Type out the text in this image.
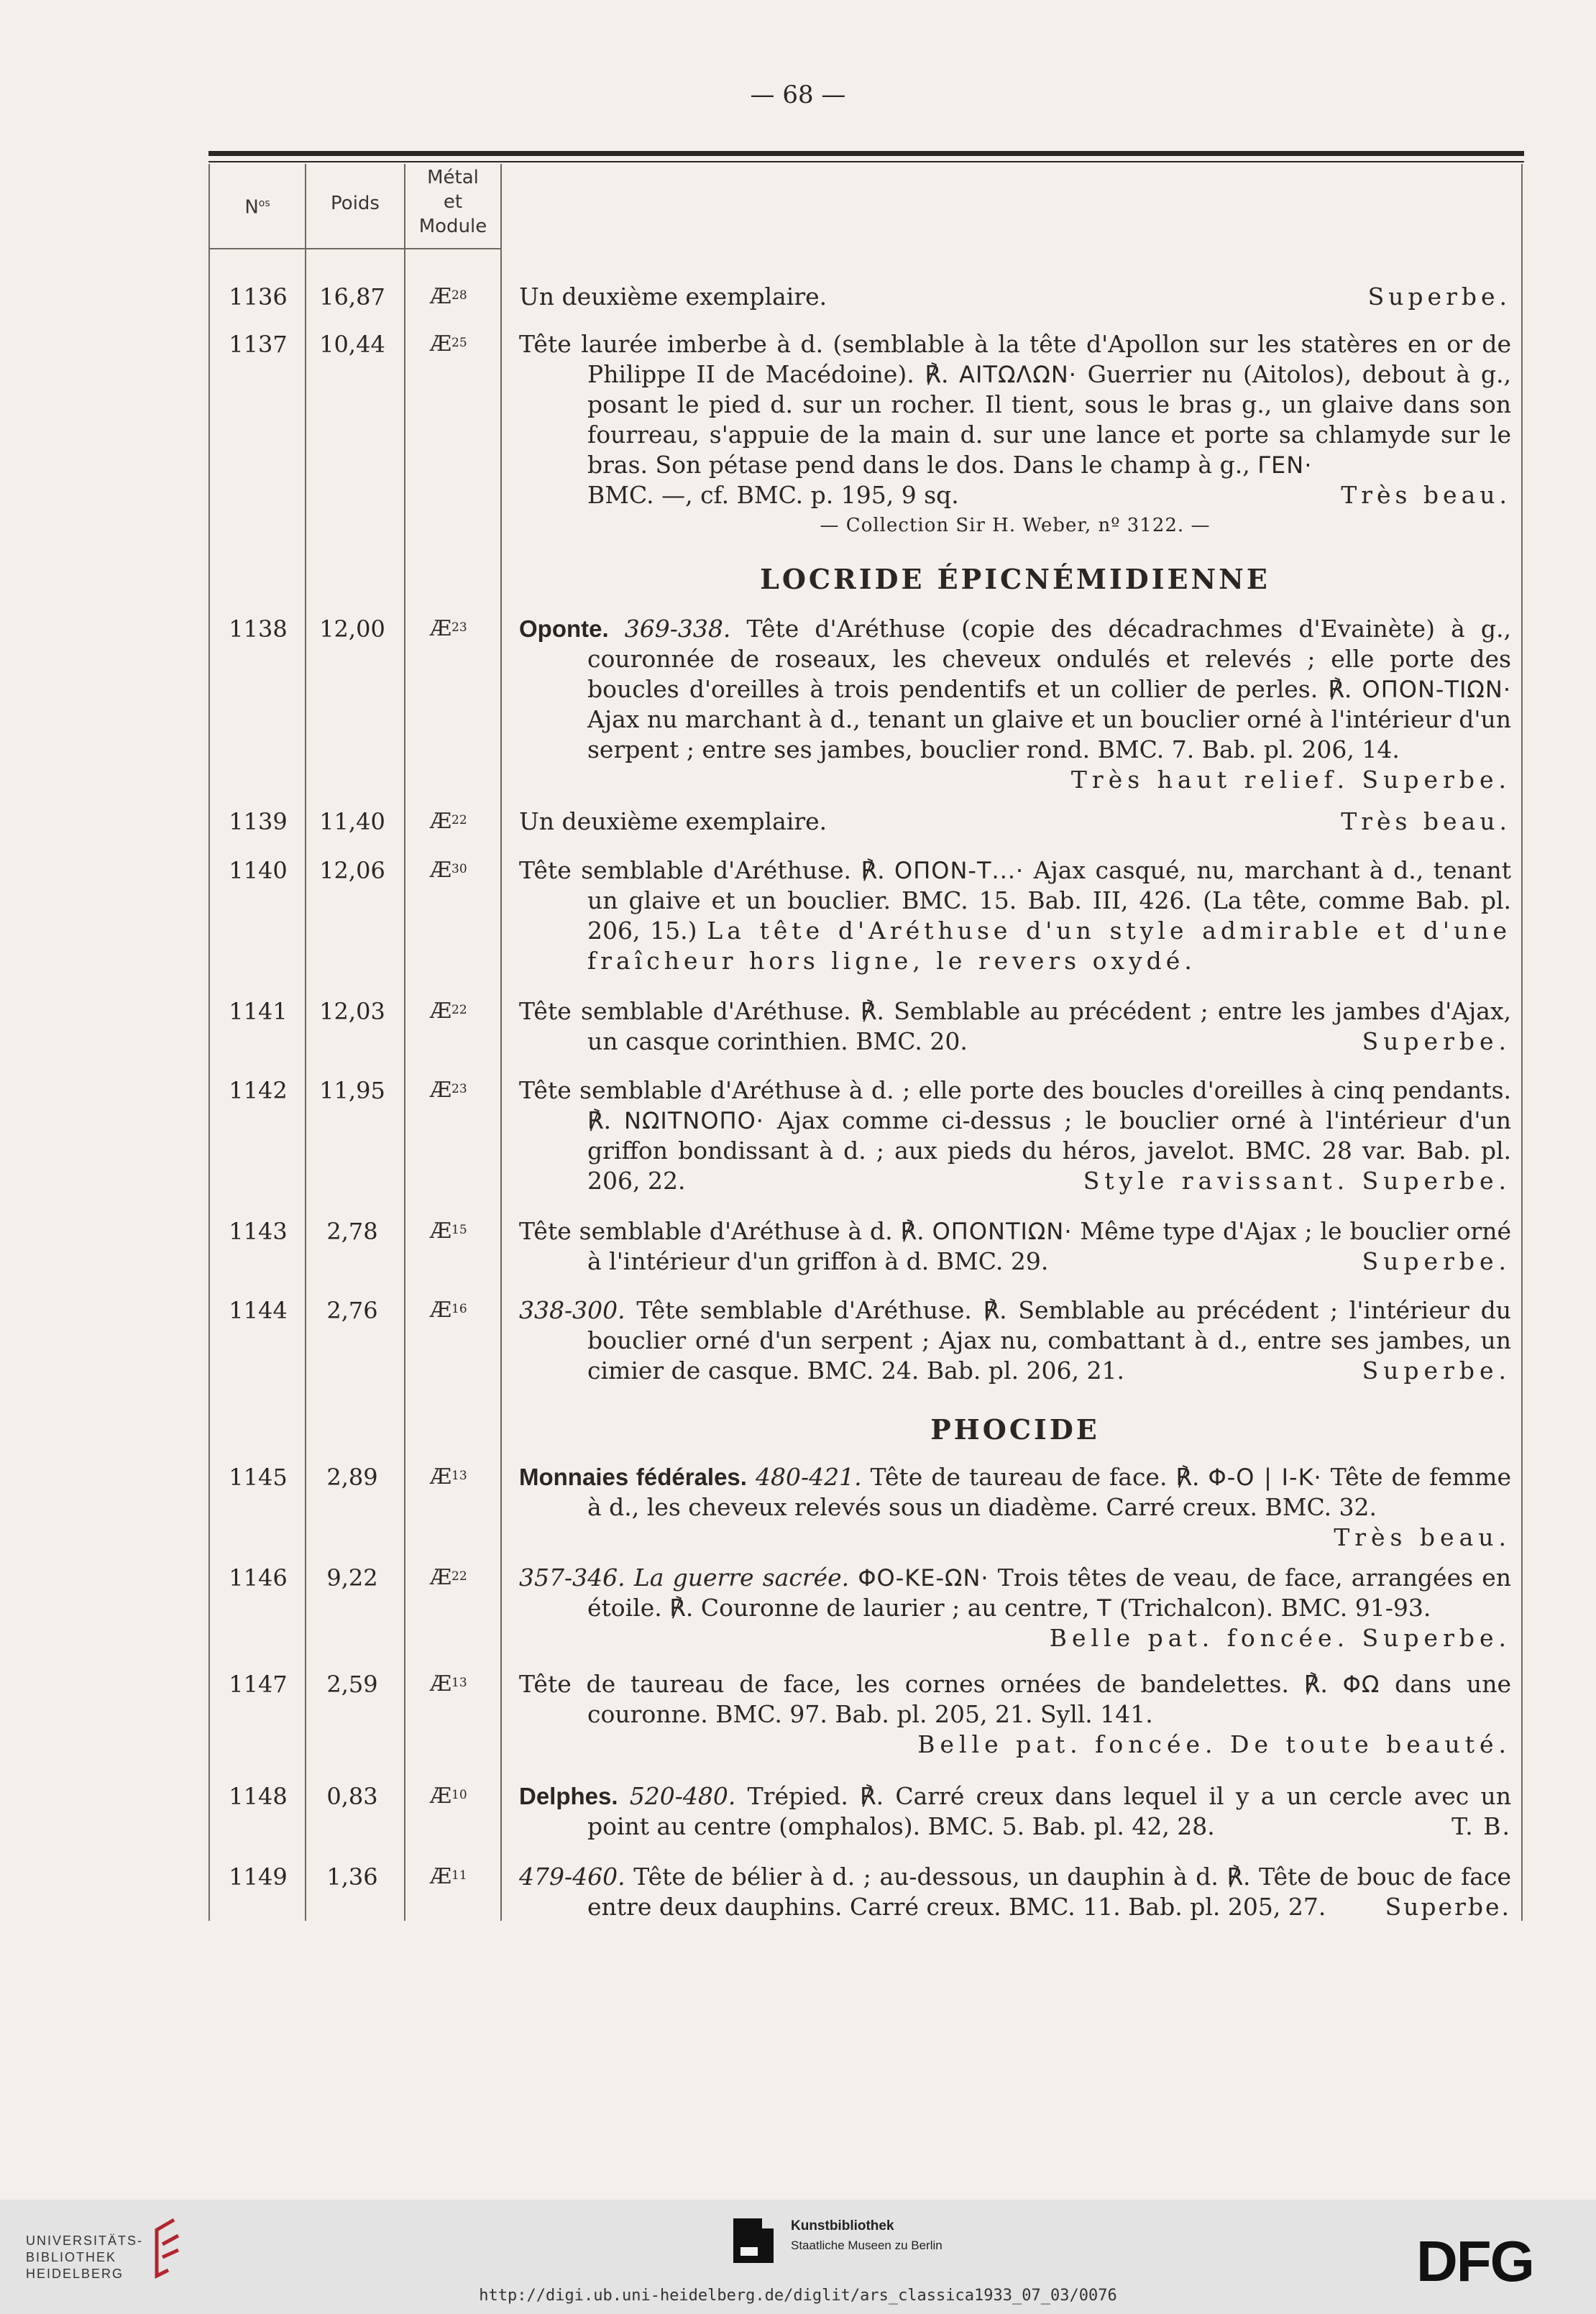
— 68 —
$N^{os}$	Poids
Métal
et
Module
1136	16,87	$Æ^{28}$	Un deuxième exemplaire.	Superbe.

1137	10,44	$Æ^{25}$	Tête laurée imberbe à d. (semblable à la tête d'Apollon sur les statères en or de Philippe II de Macédoine). ℟. ΑΙΤΩΛΩΝ· Guerrier nu (Aitolos), debout à g., posant le pied d. sur un rocher. Il tient, sous le bras g., un glaive dans son fourreau, s'appuie de la main d. sur une lance et porte sa chlamyde sur le bras. Son pétase pend dans le dos. Dans le champ à g., ΓΕΝ·

BMC. —, cf. BMC. p. 195, 9 sq.	Très beau.

— Collection Sir H. Weber, nº 3122. —

LOCRIDE ÉPICNÉMIDIENNE
1138	12,00	$Æ^{23}$	Oponte. 369-338. Tête d'Aréthuse (copie des décadrachmes d'Evainète) à g., couronnée de roseaux, les cheveux ondulés et relevés ; elle porte des boucles d'oreilles à trois pendentifs et un collier de perles. ℟. ΟΠΟΝ-ΤΙΩΝ· Ajax nu marchant à d., tenant un glaive et un bouclier orné à l'intérieur d'un serpent ; entre ses jambes, bouclier rond. BMC. 7. Bab. pl. 206, 14.

Très haut relief. Superbe.

1139	11,40	$Æ^{22}$	Un deuxième exemplaire.	Très beau.

1140	12,06	$Æ^{30}$	Tête semblable d'Aréthuse. ℟. ΟΠΟΝ-Τ...· Ajax casqué, nu, marchant à d., tenant un glaive et un bouclier. BMC. 15. Bab. III, 426. (La tête, comme Bab. pl. 206, 15.) La tête d'Aréthuse d'un style admirable et d'une fraîcheur hors ligne, le revers oxydé.

1141	12,03	$Æ^{22}$	Tête semblable d'Aréthuse. ℟. Semblable au précédent ; entre les jambes d'Ajax, un casque corinthien. BMC. 20.	Superbe.

1142	11,95	$Æ^{23}$	Tête semblable d'Aréthuse à d. ; elle porte des boucles d'oreilles à cinq pendants. ℟. ΝΩΙΤΝΟΠΟ· Ajax comme ci-dessus ; le bouclier orné à l'intérieur d'un griffon bondissant à d. ; aux pieds du héros, javelot. BMC. 28 var. Bab. pl. 206, 22.	Style ravissant. Superbe.

1143	2,78	$Æ^{15}$	Tête semblable d'Aréthuse à d. ℟. ΟΠΟΝΤΙΩΝ· Même type d'Ajax ; le bouclier orné à l'intérieur d'un griffon à d. BMC. 29.	Superbe.

1144	2,76	$Æ^{16}$	338-300. Tête semblable d'Aréthuse. ℟. Semblable au précédent ; l'intérieur du bouclier orné d'un serpent ; Ajax nu, combattant à d., entre ses jambes, un cimier de casque. BMC. 24. Bab. pl. 206, 21.	Superbe.

PHOCIDE
1145	2,89	$Æ^{13}$	Monnaies fédérales. 480-421. Tête de taureau de face. ℟. Φ-Ο | Ι-Κ· Tête de femme à d., les cheveux relevés sous un diadème. Carré creux. BMC. 32.

Très beau.

1146	9,22	$Æ^{22}$	357-346. La guerre sacrée. ΦΟ-ΚΕ-ΩΝ· Trois têtes de veau, de face, arrangées en étoile. ℟. Couronne de laurier ; au centre, Τ (Trichalcon). BMC. 91-93.

Belle pat. foncée. Superbe.

1147	2,59	$Æ^{13}$	Tête de taureau de face, les cornes ornées de bandelettes. ℟. ΦΩ dans une couronne. BMC. 97. Bab. pl. 205, 21. Syll. 141.

Belle pat. foncée. De toute beauté.

1148	0,83	$Æ^{10}$	Delphes. 520-480. Trépied. ℟. Carré creux dans lequel il y a un cercle avec un point au centre (omphalos). BMC. 5. Bab. pl. 42, 28.	T. B.

1149	1,36	$Æ^{11}$	479-460. Tête de bélier à d. ; au-dessous, un dauphin à d. ℟. Tête de bouc de face entre deux dauphins. Carré creux. BMC. 11. Bab. pl. 205, 27.	Superbe.

UNIVERSITÄTS-
BIBLIOTHEK
HEIDELBERG
Kunstbibliothek
Staatliche Museen zu Berlin	DFG
http://digi.ub.uni-heidelberg.de/diglit/ars_classica1933_07_03/0076
